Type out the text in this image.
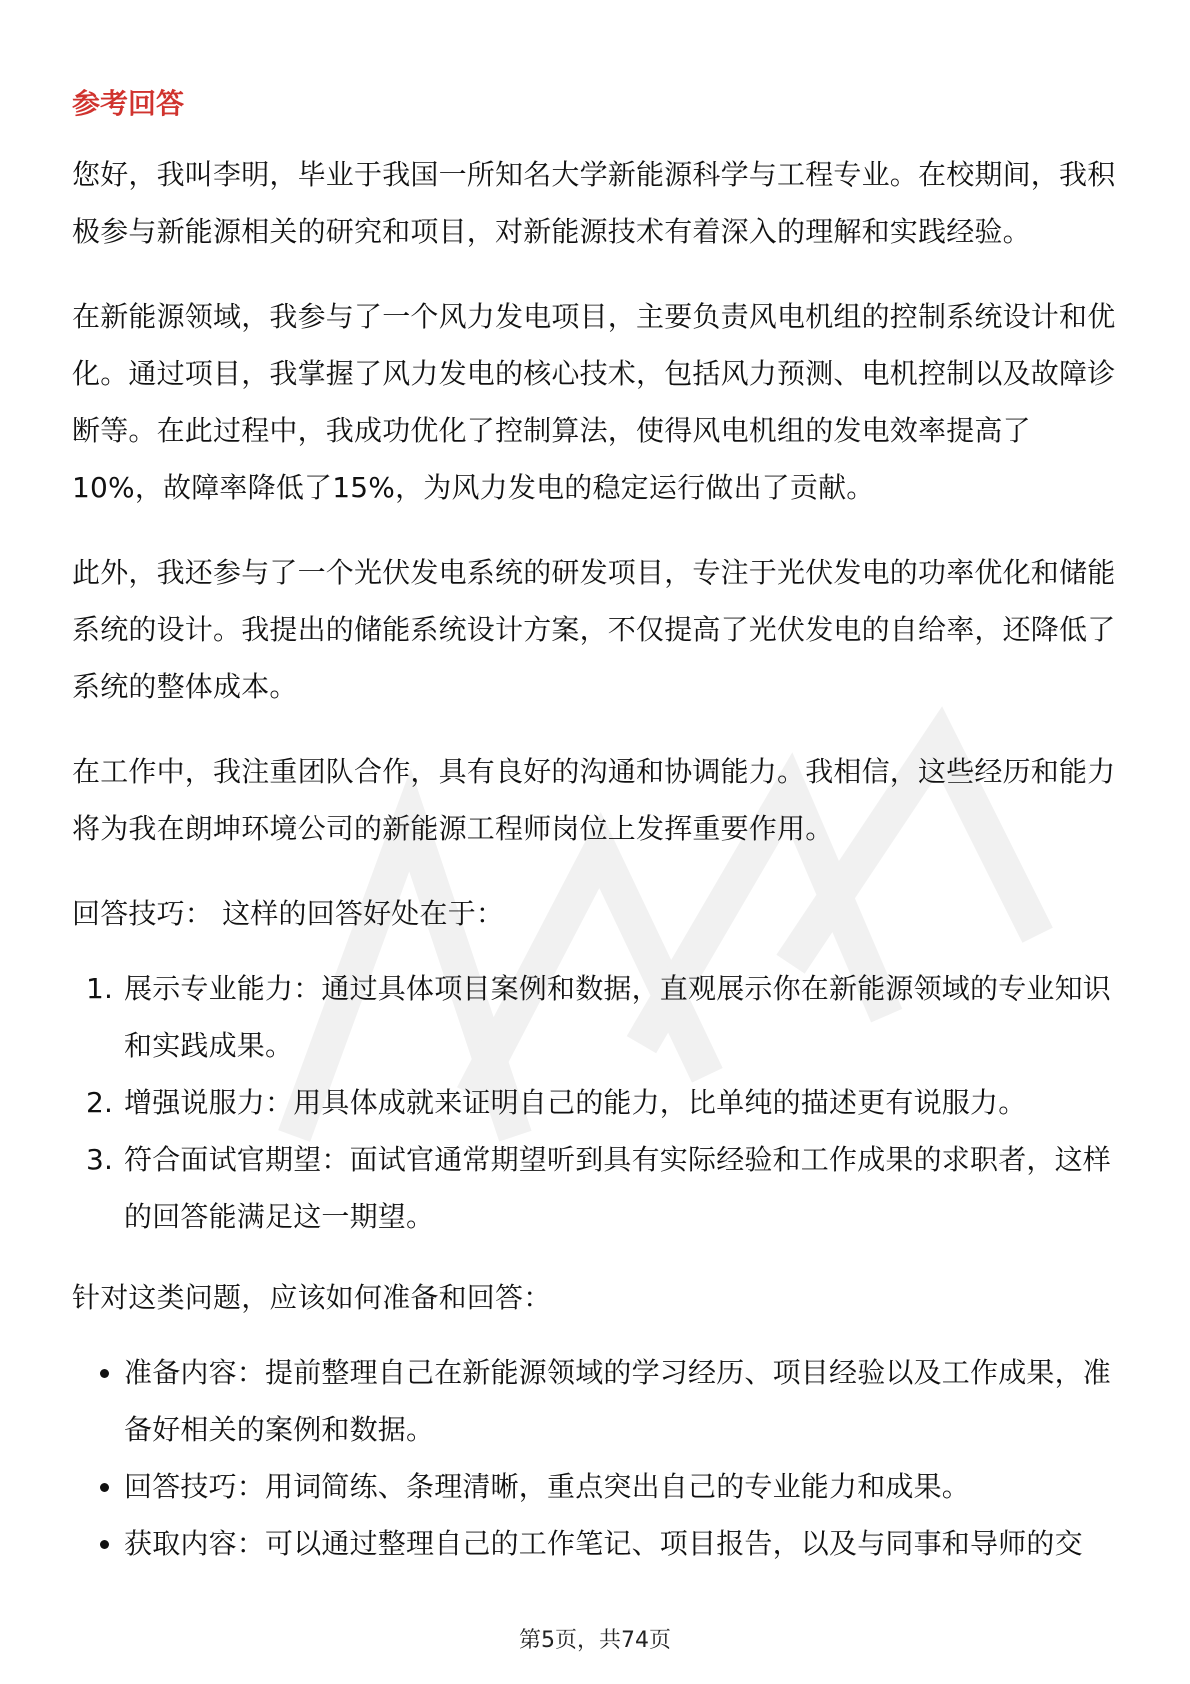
参考回答

您好，我叫李明，毕业于我国一所知名大学新能源科学与工程专业。在校期间，我积极参与新能源相关的研究和项目，对新能源技术有着深入的理解和实践经验。

在新能源领域，我参与了一个风力发电项目，主要负责风电机组的控制系统设计和优化。通过项目，我掌握了风力发电的核心技术，包括风力预测、电机控制以及故障诊断等。在此过程中，我成功优化了控制算法，使得风电机组的发电效率提高了10%，故障率降低了15%，为风力发电的稳定运行做出了贡献。

此外，我还参与了一个光伏发电系统的研发项目，专注于光伏发电的功率优化和储能系统的设计。我提出的储能系统设计方案，不仅提高了光伏发电的自给率，还降低了系统的整体成本。

在工作中，我注重团队合作，具有良好的沟通和协调能力。我相信，这些经历和能力将为我在朗坤环境公司的新能源工程师岗位上发挥重要作用。

回答技巧： 这样的回答好处在于：

1. 展示专业能力：通过具体项目案例和数据，直观展示你在新能源领域的专业知识和实践成果。
2. 增强说服力：用具体成就来证明自己的能力，比单纯的描述更有说服力。
3. 符合面试官期望：面试官通常期望听到具有实际经验和工作成果的求职者，这样的回答能满足这一期望。

针对这类问题，应该如何准备和回答：

准备内容：提前整理自己在新能源领域的学习经历、项目经验以及工作成果，准备好相关的案例和数据。
回答技巧：用词简练、条理清晰，重点突出自己的专业能力和成果。
获取内容：可以通过整理自己的工作笔记、项目报告，以及与同事和导师的交
第5页，共74页
